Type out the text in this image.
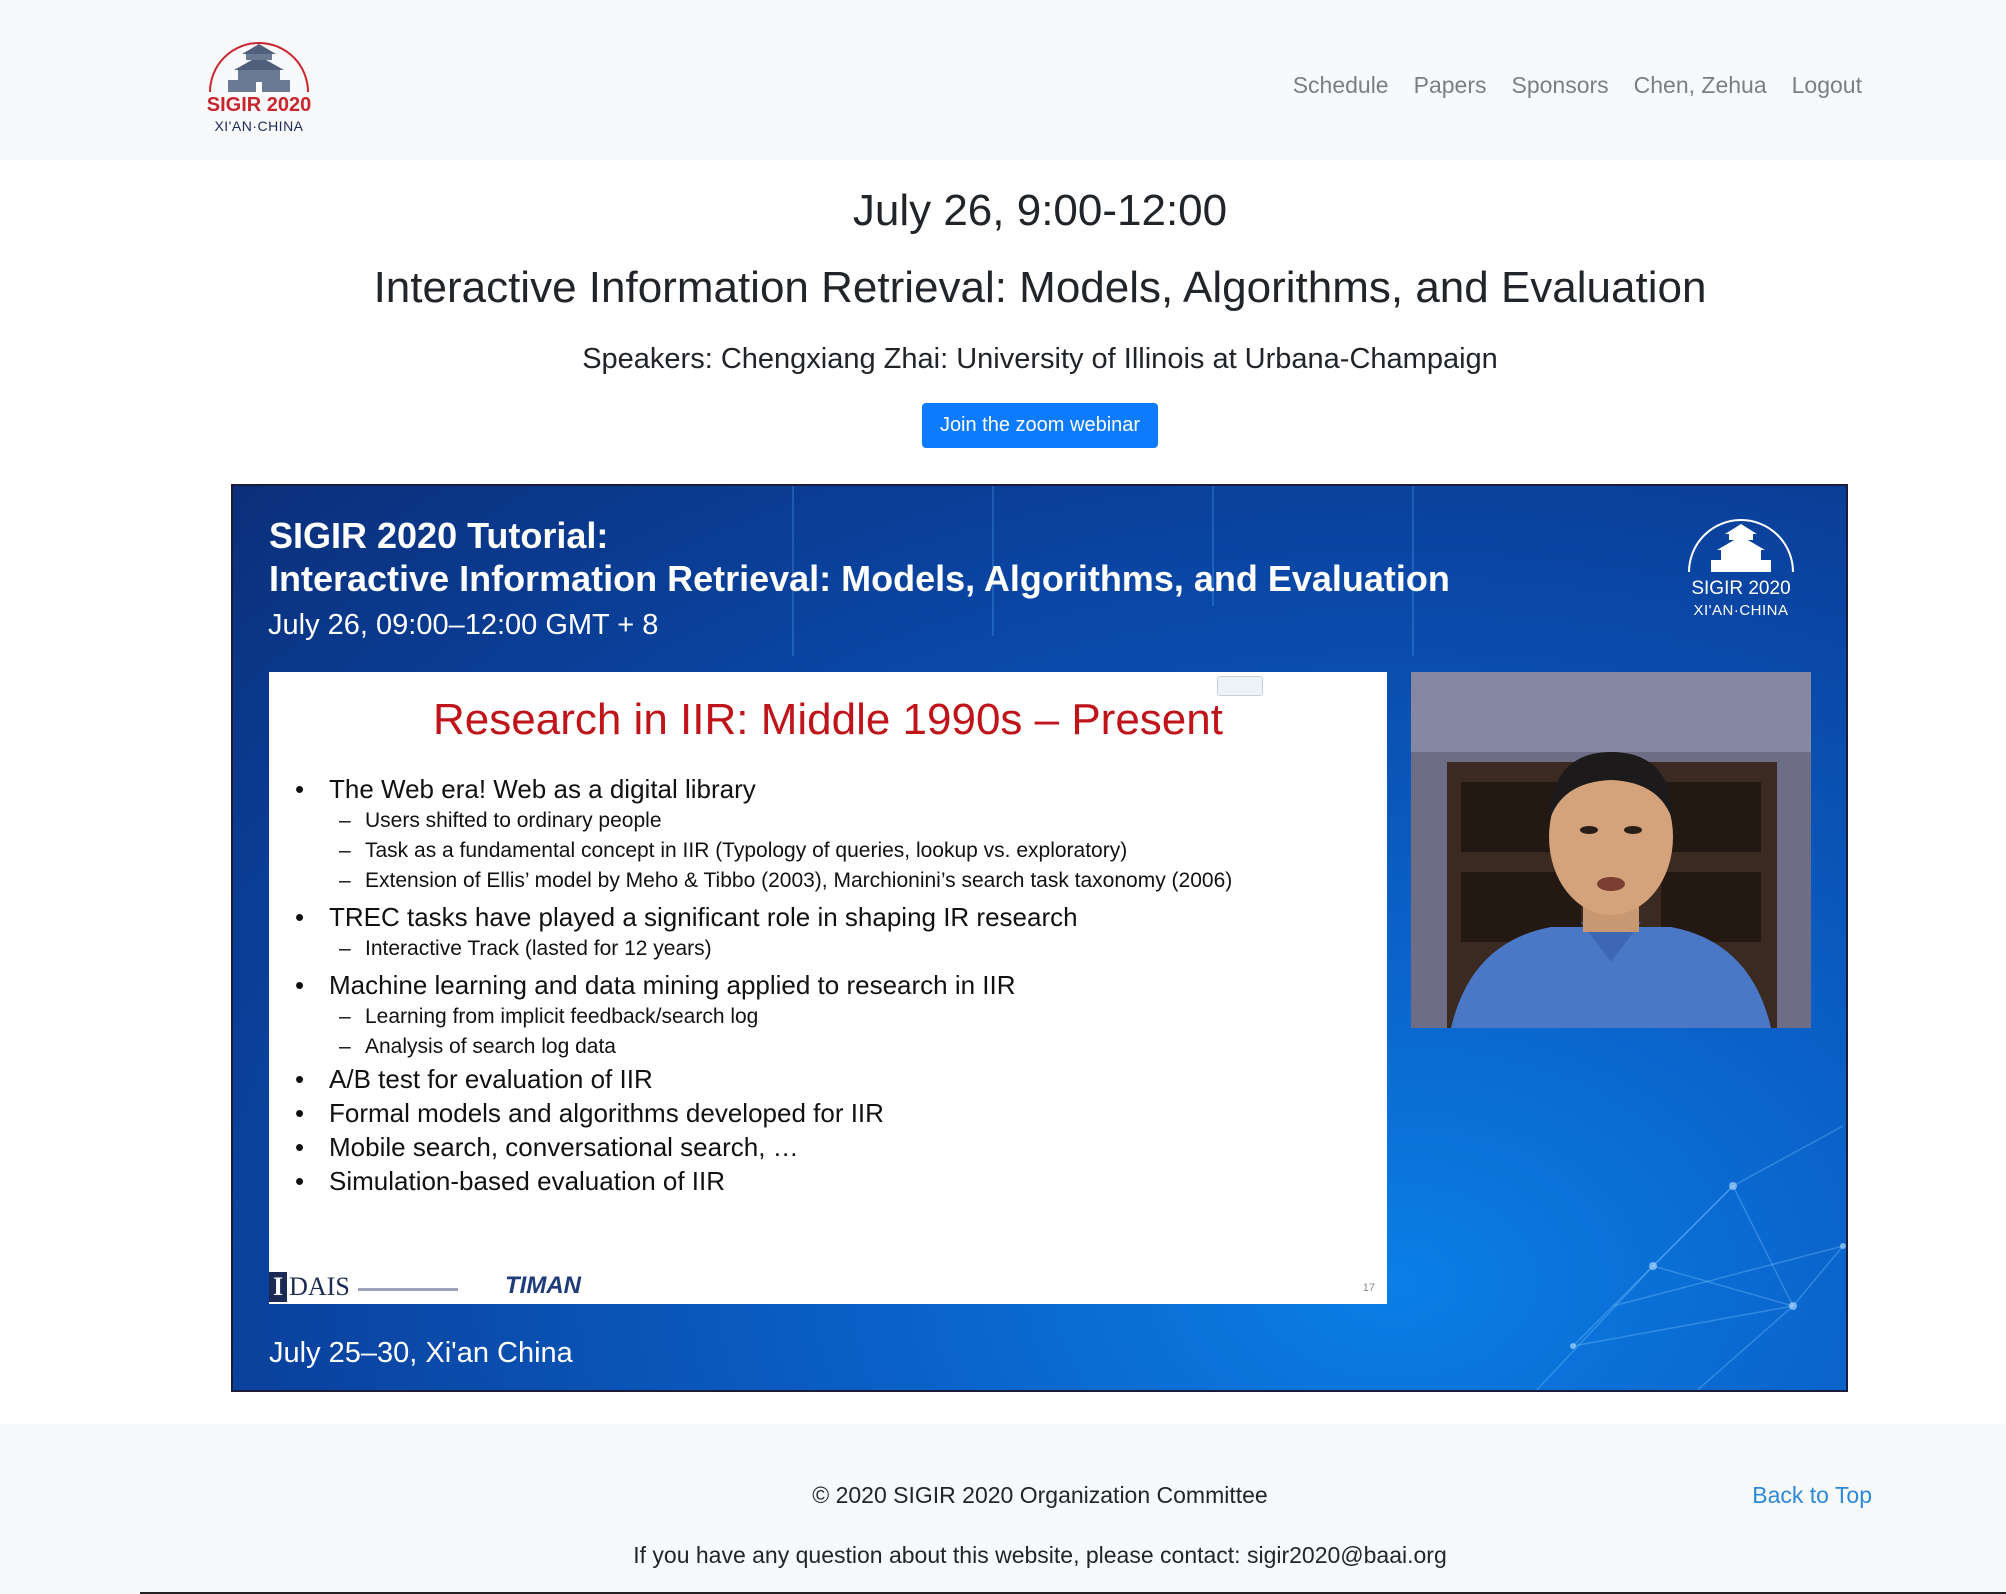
SIGIR 2020
XI'AN·CHINA
Schedule Papers Sponsors Chen, Zehua Logout
July 26, 9:00-12:00
Interactive Information Retrieval: Models, Algorithms, and Evaluation
Speakers: Chengxiang Zhai: University of Illinois at Urbana-Champaign
Join the zoom webinar
SIGIR 2020 Tutorial:
Interactive Information Retrieval: Models, Algorithms, and Evaluation
July 26, 09:00–12:00 GMT + 8
SIGIR 2020
XI'AN·CHINA
Research in IIR: Middle 1990s – Present
• The Web era! Web as a digital library
– Users shifted to ordinary people
– Task as a fundamental concept in IIR (Typology of queries, lookup vs. exploratory)
– Extension of Ellis’ model by Meho & Tibbo (2003), Marchionini’s search task taxonomy (2006)
• TREC tasks have played a significant role in shaping IR research
– Interactive Track (lasted for 12 years)
• Machine learning and data mining applied to research in IIR
– Learning from implicit feedback/search log
– Analysis of search log data
• A/B test for evaluation of IIR
• Formal models and algorithms developed for IIR
• Mobile search, conversational search, …
• Simulation-based evaluation of IIR
I DAIS	TIMAN	17
July 25–30, Xi'an China
© 2020 SIGIR 2020 Organization Committee
If you have any question about this website, please contact: sigir2020@baai.org
Back to Top
